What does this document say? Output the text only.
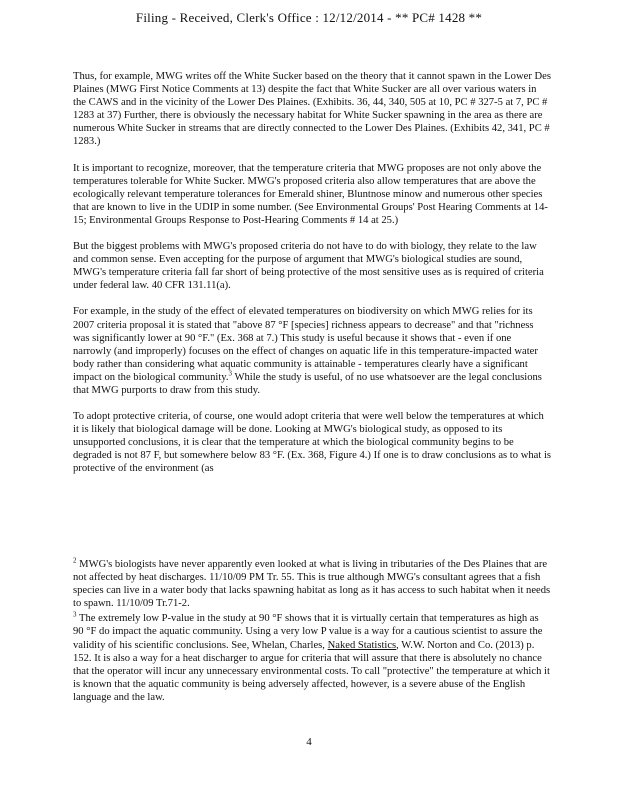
Filing - Received, Clerk's Office : 12/12/2014 - ** PC# 1428 **

Thus, for example, MWG writes off the White Sucker based on the theory that it cannot spawn in the Lower Des Plaines (MWG First Notice Comments at 13) despite the fact that White Sucker are all over various waters in the CAWS and in the vicinity of the Lower Des Plaines. (Exhibits. 36, 44, 340, 505 at 10, PC # 327-5 at 7, PC # 1283 at 37) Further, there is obviously the necessary habitat for White Sucker spawning in the area as there are numerous White Sucker in streams that are directly connected to the Lower Des Plaines. (Exhibits 42, 341, PC # 1283.)

It is important to recognize, moreover, that the temperature criteria that MWG proposes are not only above the temperatures tolerable for White Sucker. MWG's proposed criteria also allow temperatures that are above the ecologically relevant temperature tolerances for Emerald shiner, Bluntnose minow and numerous other species that are known to live in the UDIP in some number. (See Environmental Groups' Post Hearing Comments at 14-15; Environmental Groups Response to Post-Hearing Comments # 14 at 25.)

But the biggest problems with MWG's proposed criteria do not have to do with biology, they relate to the law and common sense. Even accepting for the purpose of argument that MWG's biological studies are sound, MWG's temperature criteria fall far short of being protective of the most sensitive uses as is required of criteria under federal law. 40 CFR 131.11(a).

For example, in the study of the effect of elevated temperatures on biodiversity on which MWG relies for its 2007 criteria proposal it is stated that "above 87 °F [species] richness appears to decrease" and that "richness was significantly lower at 90 °F." (Ex. 368 at 7.) This study is useful because it shows that - even if one narrowly (and improperly) focuses on the effect of changes on aquatic life in this temperature-impacted water body rather than considering what aquatic community is attainable - temperatures clearly have a significant impact on the biological community.$^3$ While the study is useful, of no use whatsoever are the legal conclusions that MWG purports to draw from this study.

To adopt protective criteria, of course, one would adopt criteria that were well below the temperatures at which it is likely that biological damage will be done. Looking at MWG's biological study, as opposed to its unsupported conclusions, it is clear that the temperature at which the biological community begins to be degraded is not 87 F, but somewhere below 83 °F. (Ex. 368, Figure 4.) If one is to draw conclusions as to what is protective of the environment (as

$^2$ MWG's biologists have never apparently even looked at what is living in tributaries of the Des Plaines that are not affected by heat discharges. 11/10/09 PM Tr. 55. This is true although MWG's consultant agrees that a fish species can live in a water body that lacks spawning habitat as long as it has access to such habitat when it needs to spawn. 11/10/09 Tr.71-2.

$^3$ The extremely low P-value in the study at 90 °F shows that it is virtually certain that temperatures as high as 90 °F do impact the aquatic community. Using a very low P value is a way for a cautious scientist to assure the validity of his scientific conclusions. See, Whelan, Charles, Naked Statistics, W.W. Norton and Co. (2013) p. 152. It is also a way for a heat discharger to argue for criteria that will assure that there is absolutely no chance that the operator will incur any unnecessary environmental costs. To call "protective" the temperature at which it is known that the aquatic community is being adversely affected, however, is a severe abuse of the English language and the law.

4
